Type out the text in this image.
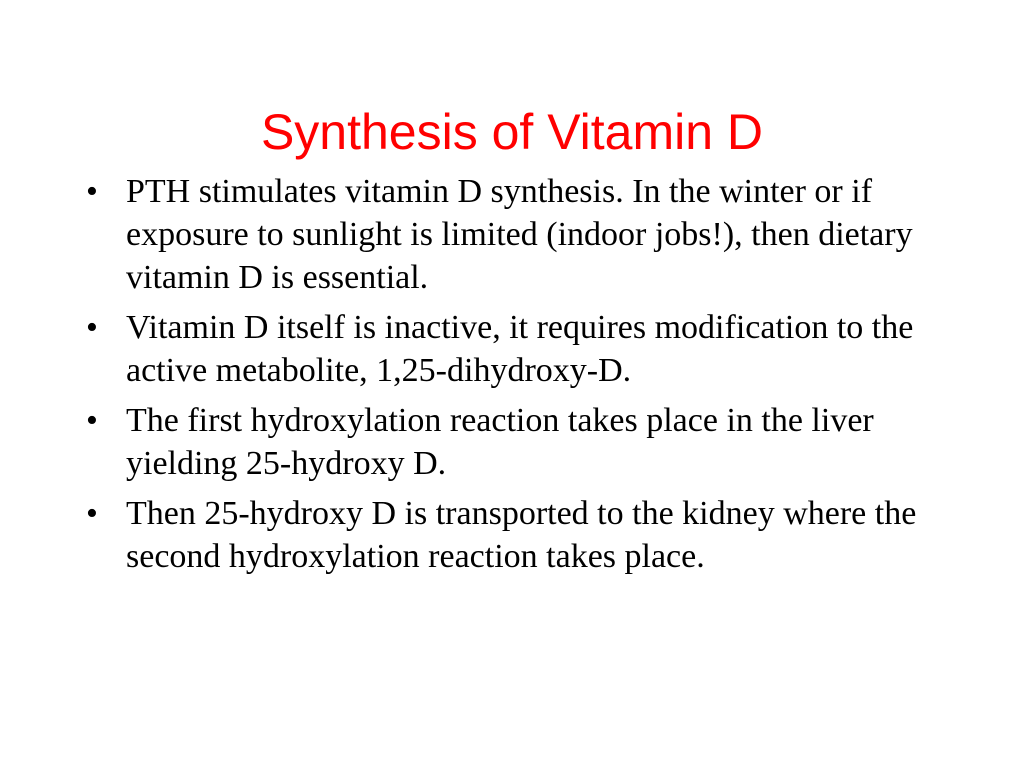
Synthesis of Vitamin D
• PTH stimulates vitamin D synthesis. In the winter or if exposure to sunlight is limited (indoor jobs!), then dietary vitamin D is essential.
• Vitamin D itself is inactive, it requires modification to the active metabolite, 1,25-dihydroxy-D.
• The first hydroxylation reaction takes place in the liver yielding 25-hydroxy D.
• Then 25-hydroxy D is transported to the kidney where the second hydroxylation reaction takes place.
